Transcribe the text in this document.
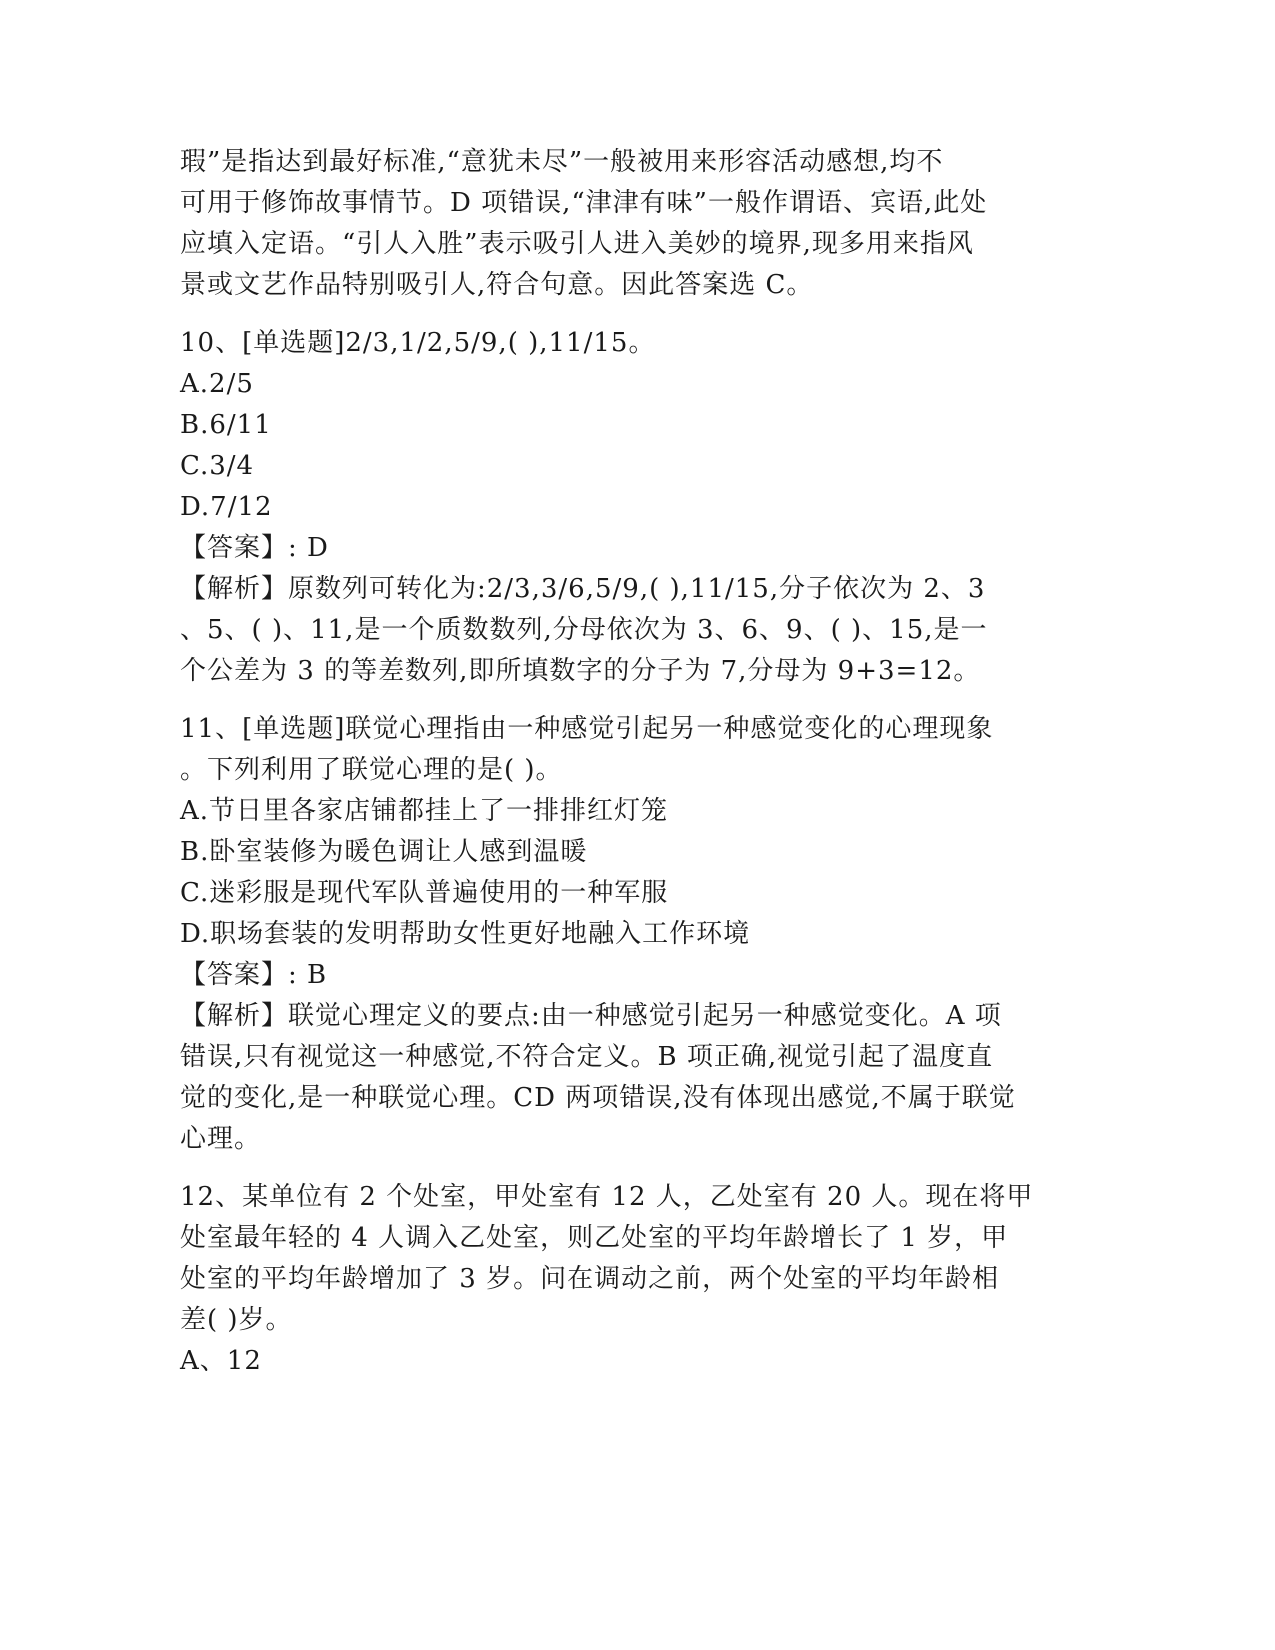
瑕”是指达到最好标准,“意犹未尽”一般被用来形容活动感想,均不
可用于修饰故事情节。D 项错误,“津津有味”一般作谓语、宾语,此处
应填入定语。“引人入胜”表示吸引人进入美妙的境界,现多用来指风
景或文艺作品特别吸引人,符合句意。因此答案选 C。
10、[单选题]2/3,1/2,5/9,( ),11/15。
A.2/5
B.6/11
C.3/4
D.7/12
【答案】: D
【解析】原数列可转化为:2/3,3/6,5/9,( ),11/15,分子依次为 2、3
、5、( )、11,是一个质数数列,分母依次为 3、6、9、( )、15,是一
个公差为 3 的等差数列,即所填数字的分子为 7,分母为 9+3=12。
11、[单选题]联觉心理指由一种感觉引起另一种感觉变化的心理现象
。下列利用了联觉心理的是( )。
A.节日里各家店铺都挂上了一排排红灯笼
B.卧室装修为暖色调让人感到温暖
C.迷彩服是现代军队普遍使用的一种军服
D.职场套装的发明帮助女性更好地融入工作环境
【答案】: B
【解析】联觉心理定义的要点:由一种感觉引起另一种感觉变化。A 项
错误,只有视觉这一种感觉,不符合定义。B 项正确,视觉引起了温度直
觉的变化,是一种联觉心理。CD 两项错误,没有体现出感觉,不属于联觉
心理。
12、某单位有 2 个处室，甲处室有 12 人，乙处室有 20 人。现在将甲
处室最年轻的 4 人调入乙处室，则乙处室的平均年龄增长了 1 岁，甲
处室的平均年龄增加了 3 岁。问在调动之前，两个处室的平均年龄相
差( )岁。
A、12
